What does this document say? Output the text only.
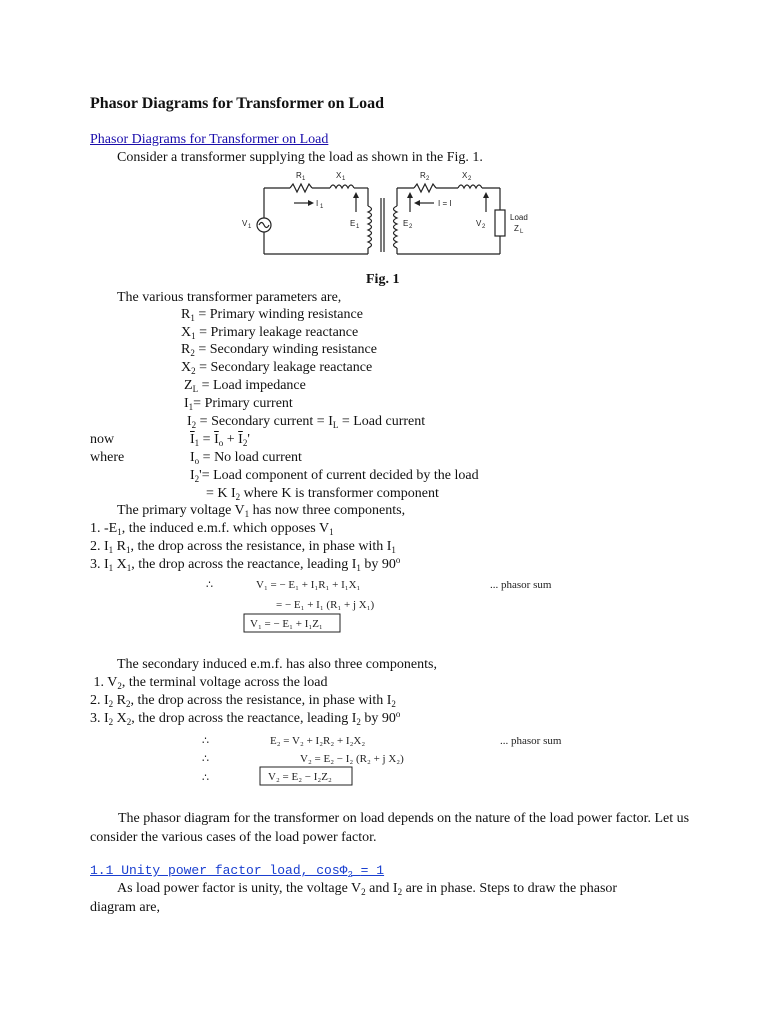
Phasor Diagrams for Transformer on Load
Phasor Diagrams for Transformer on Load
Consider a transformer supplying the load as shown in the Fig. 1.
R 1	X 1
I 1
V 1	E 1	E 2
R 2	X 2
I = I
V 2
Load
Z L
Fig. 1
The various transformer parameters are,
$R_1$ = Primary winding resistance
$X_1$ = Primary leakage reactance
$R_2$ = Secondary winding resistance
$X_2$ = Secondary leakage reactance
$Z_L$ = Load impedance
$I_1=$ Primary current
$I_2$ = Secondary current = $I_L$ = Load current
now	$\overline{I}_1 = \overline{I}_o + \overline{I}_2'$
where	$I_o = No$ load current
$I_2'=$ Load component of current decided by the load
= K $I_2$ where K is transformer component
The primary voltage $V_1$ has now three components,
1. $-E_1$, the induced e.m.f. which opposes $V_1$
2. $I_1$ $R_1$, the drop across the resistance, in phase with $I_1$
3. $I_1$ $X_1$, the drop across the reactance, leading $I_1$ by 90$^o$
∴	V₁ = − E₁ + I₁R₁ + I₁X₁
= − E₁ + I₁ (R₁ + j X₁)
V₁ = − E₁ + I₁Z₁
... phasor sum
The secondary induced e.m.f. has also three components,
1. $V_2$, the terminal voltage across the load
2. $I_2$ $R_2$, the drop across the resistance, in phase with $I_2$
3. $I_2$ $X_2$, the drop across the reactance, leading $I_2$ by 90$^o$
∴	E₂ = V₂ + I₂R₂ + I₂X₂
∴	V₂ = E₂ − I₂ (R₂ + j X₂)
∴	V₂ = E₂ − I₂Z₂
... phasor sum
The phasor diagram for the transformer on load depends on the nature of the load power factor. Let us consider the various cases of the load power factor.
1.1 Unity power factor load, cosΦ$_2$ = 1
As load power factor is unity, the voltage $V_2$ and $I_2$ are in phase. Steps to draw the phasor
diagram are,
